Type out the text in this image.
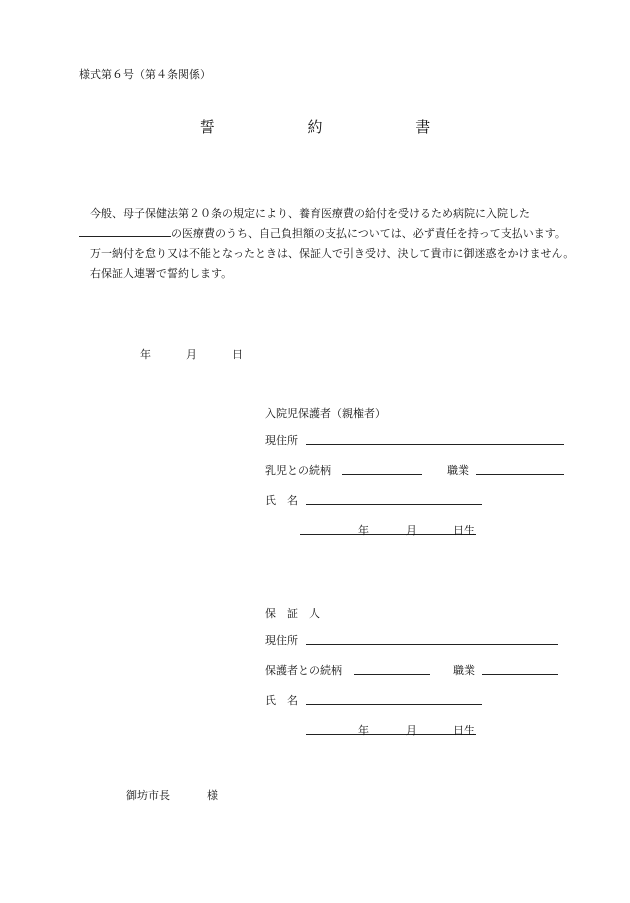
様式第６号（第４条関係）
誓	約	書
今般、母子保健法第２０条の規定により、養育医療費の給付を受けるため病院に入院した
の医療費のうち、自己負担額の支払については、必ず責任を持って支払います。
万一納付を怠り又は不能となったときは、保証人で引き受け、決して貴市に御迷惑をかけません。
右保証人連署で誓約します。
年	月	日
入院児保護者（親権者）
現住所
乳児との続柄	職業
氏　名
年	月	日生
保　証　人
現住所
保護者との続柄	職業
氏　名
年	月	日生
御坊市長	様
